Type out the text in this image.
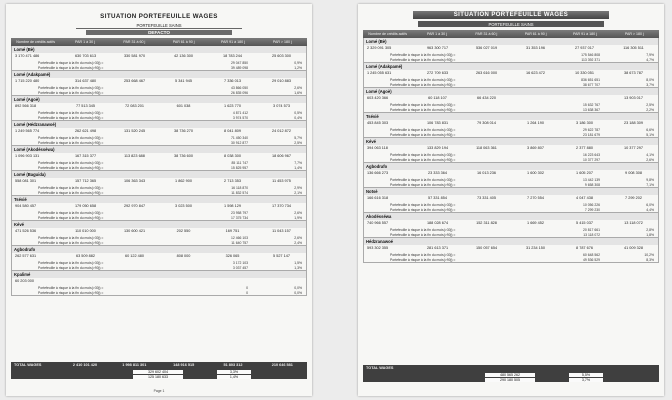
SITUATION PORTEFEUILLE WAGES
PORTEFEUILLE SAINS
DEFACTO
Nombre de crédits actifs	PAR 1 à 30 j	PAR 31 à 60 j	PAR 61 à 90 j	PAR 91 à 180 j	PAR > 180 j
Lomé (Bè)
3 170 471 486	630 703 613	330 581 970	42 136 300	18 783 244	25 603 300
Portefeuille à risque à la fin du mois(>30j) =	29 047 850	0,9%
Portefeuille à risque à la fin du mois(>90j) =	39 489 098	1,2%
Lomé (Adakpamé)
1 715 220 480	314 637 480	253 668 467	5 341 945	7 336 013	29 010 883
Portefeuille à risque à la fin du mois(>30j) =	43 866 050	2,6%
Portefeuille à risque à la fin du mois(>90j) =	26 835 096	1,6%
Lomé (Agoè)
892 566 318	77 513 345	72 083 201	601 038	1 623 770	3 074 573
Portefeuille à risque à la fin du mois(>30j) =	4 871 412	0,5%
Portefeuille à risque à la fin du mois(>90j) =	3 974 570	0,4%
Lomé (Hédzranawoé)
1 249 565 774	262 621 498	131 520 245	38 736 270	8 041 809	24 012 872
Portefeuille à risque à la fin du mois(>30j) =	71 450 340	5,7%
Portefeuille à risque à la fin du mois(>90j) =	30 912 877	2,5%
Lomé (Akodésséwa)
1 096 903 131	167 315 377	113 823 688	38 736 600	8 038 300	18 606 967
Portefeuille à risque à la fin du mois(>30j) =	85 111 747	7,7%
Portefeuille à risque à la fin du mois(>90j) =	15 825 957	1,4%
Lomé (Baguida)
558 081 301	157 712 365	106 363 343	1 862 900	2 713 353	11 453 975
Portefeuille à risque à la fin du mois(>30j) =	16 118 870	2,9%
Portefeuille à risque à la fin du mois(>90j) =	11 832 574	2,1%
Tsévié
904 580 457	179 050 658	292 970 847	3 023 500	1 598 129	17 370 734
Portefeuille à risque à la fin du mois(>30j) =	23 958 797	2,6%
Portefeuille à risque à la fin du mois(>90j) =	17 375 734	1,9%
Kévé
471 526 536	110 010 000	130 600 421	202 550	169 751	11 043 157
Portefeuille à risque à la fin du mois(>30j) =	12 466 103	2,6%
Portefeuille à risque à la fin du mois(>90j) =	11 640 757	2,4%
Agbodrafo
262 577 631	63 509 882	60 122 480	808 000	326 065	5 527 147
Portefeuille à risque à la fin du mois(>30j) =	3 172 103	1,5%
Portefeuille à risque à la fin du mois(>90j) =	3 037 457	1,3%
Kpalimé
60 203 000
Portefeuille à risque à la fin du mois(>30j) =	0	0,0%
Portefeuille à risque à la fin du mois(>90j) =	0	0,0%
TOTAL WAGES	2 410 101 420	1 998 811 301	148 916 515	51 803 312	210 646 581
329 602 404	3,3%
125 180 633	1,4%
Page 1
SITUATION PORTEFEUILLE WAGES
PORTEFEUILLE SAINS
Nombre de crédits actifs	PAR 1 à 30 j	PAR 31 à 60 j	PAR 61 à 90 j	PAR 91 à 180 j	PAR > 180 j
Lomé (Bè)
2 329 091 305	963 300 717	536 027 019	31 353 196	27 937 017	116 305 511
Portefeuille à risque à la fin du mois(>30j) =	175 546 808	7,9%
Portefeuille à risque à la fin du mois(>90j) =	113 392 371	4,7%
Lomé (Adakpamé)
1 245 055 631	272 709 633	263 616 000	16 623 472	10 330 051	38 673 787
Portefeuille à risque à la fin du mois(>30j) =	836 651 651	8,0%
Portefeuille à risque à la fin du mois(>90j) =	38 677 707	3,7%
Lomé (Agoè)
603 420 366	60 118 107	66 434 220	13 903 017
Portefeuille à risque à la fin du mois(>30j) =	15 632 767	2,5%
Portefeuille à risque à la fin du mois(>90j) =	13 638 367	2,2%
Tsévié
453 845 303	106 783 831	79 308 014	1 264 190	3 186 300	23 188 309
Portefeuille à risque à la fin du mois(>30j) =	29 622 787	6,6%
Portefeuille à risque à la fin du mois(>90j) =	23 181 679	5,1%
Kévé
394 063 118	133 829 194	118 063 361	3 869 807	2 377 880	10 377 297
Portefeuille à risque à la fin du mois(>30j) =	16 223 643	4,1%
Portefeuille à risque à la fin du mois(>90j) =	10 377 297	2,6%
Agbodrafo
136 666 273	23 333 364	16 013 236	1 600 302	1 605 207	9 008 308
Portefeuille à risque à la fin du mois(>30j) =	13 442 139	9,8%
Portefeuille à risque à la fin du mois(>90j) =	9 658 308	7,1%
Notsè
166 616 318	57 331 854	73 331 405	7 270 554	4 047 438	7 299 202
Portefeuille à risque à la fin du mois(>30j) =	10 056 226	6,0%
Portefeuille à risque à la fin du mois(>90j) =	7 299 230	4,4%
Akodésséwa
740 966 557	188 028 674	152 311 828	1 669 452	5 415 037	13 118 072
Portefeuille à risque à la fin du mois(>30j) =	20 817 661	2,8%
Portefeuille à risque à la fin du mois(>90j) =	13 118 072	1,8%
Hédzranawoé
593 302 355	281 613 371	150 057 654	31 234 150	8 787 676	41 009 328
Portefeuille à risque à la fin du mois(>30j) =	60 648 562	10,2%
Portefeuille à risque à la fin du mois(>90j) =	49 536 529	8,3%
TOTAL WAGES
480 565 262	5,5%
290 180 505	3,7%
